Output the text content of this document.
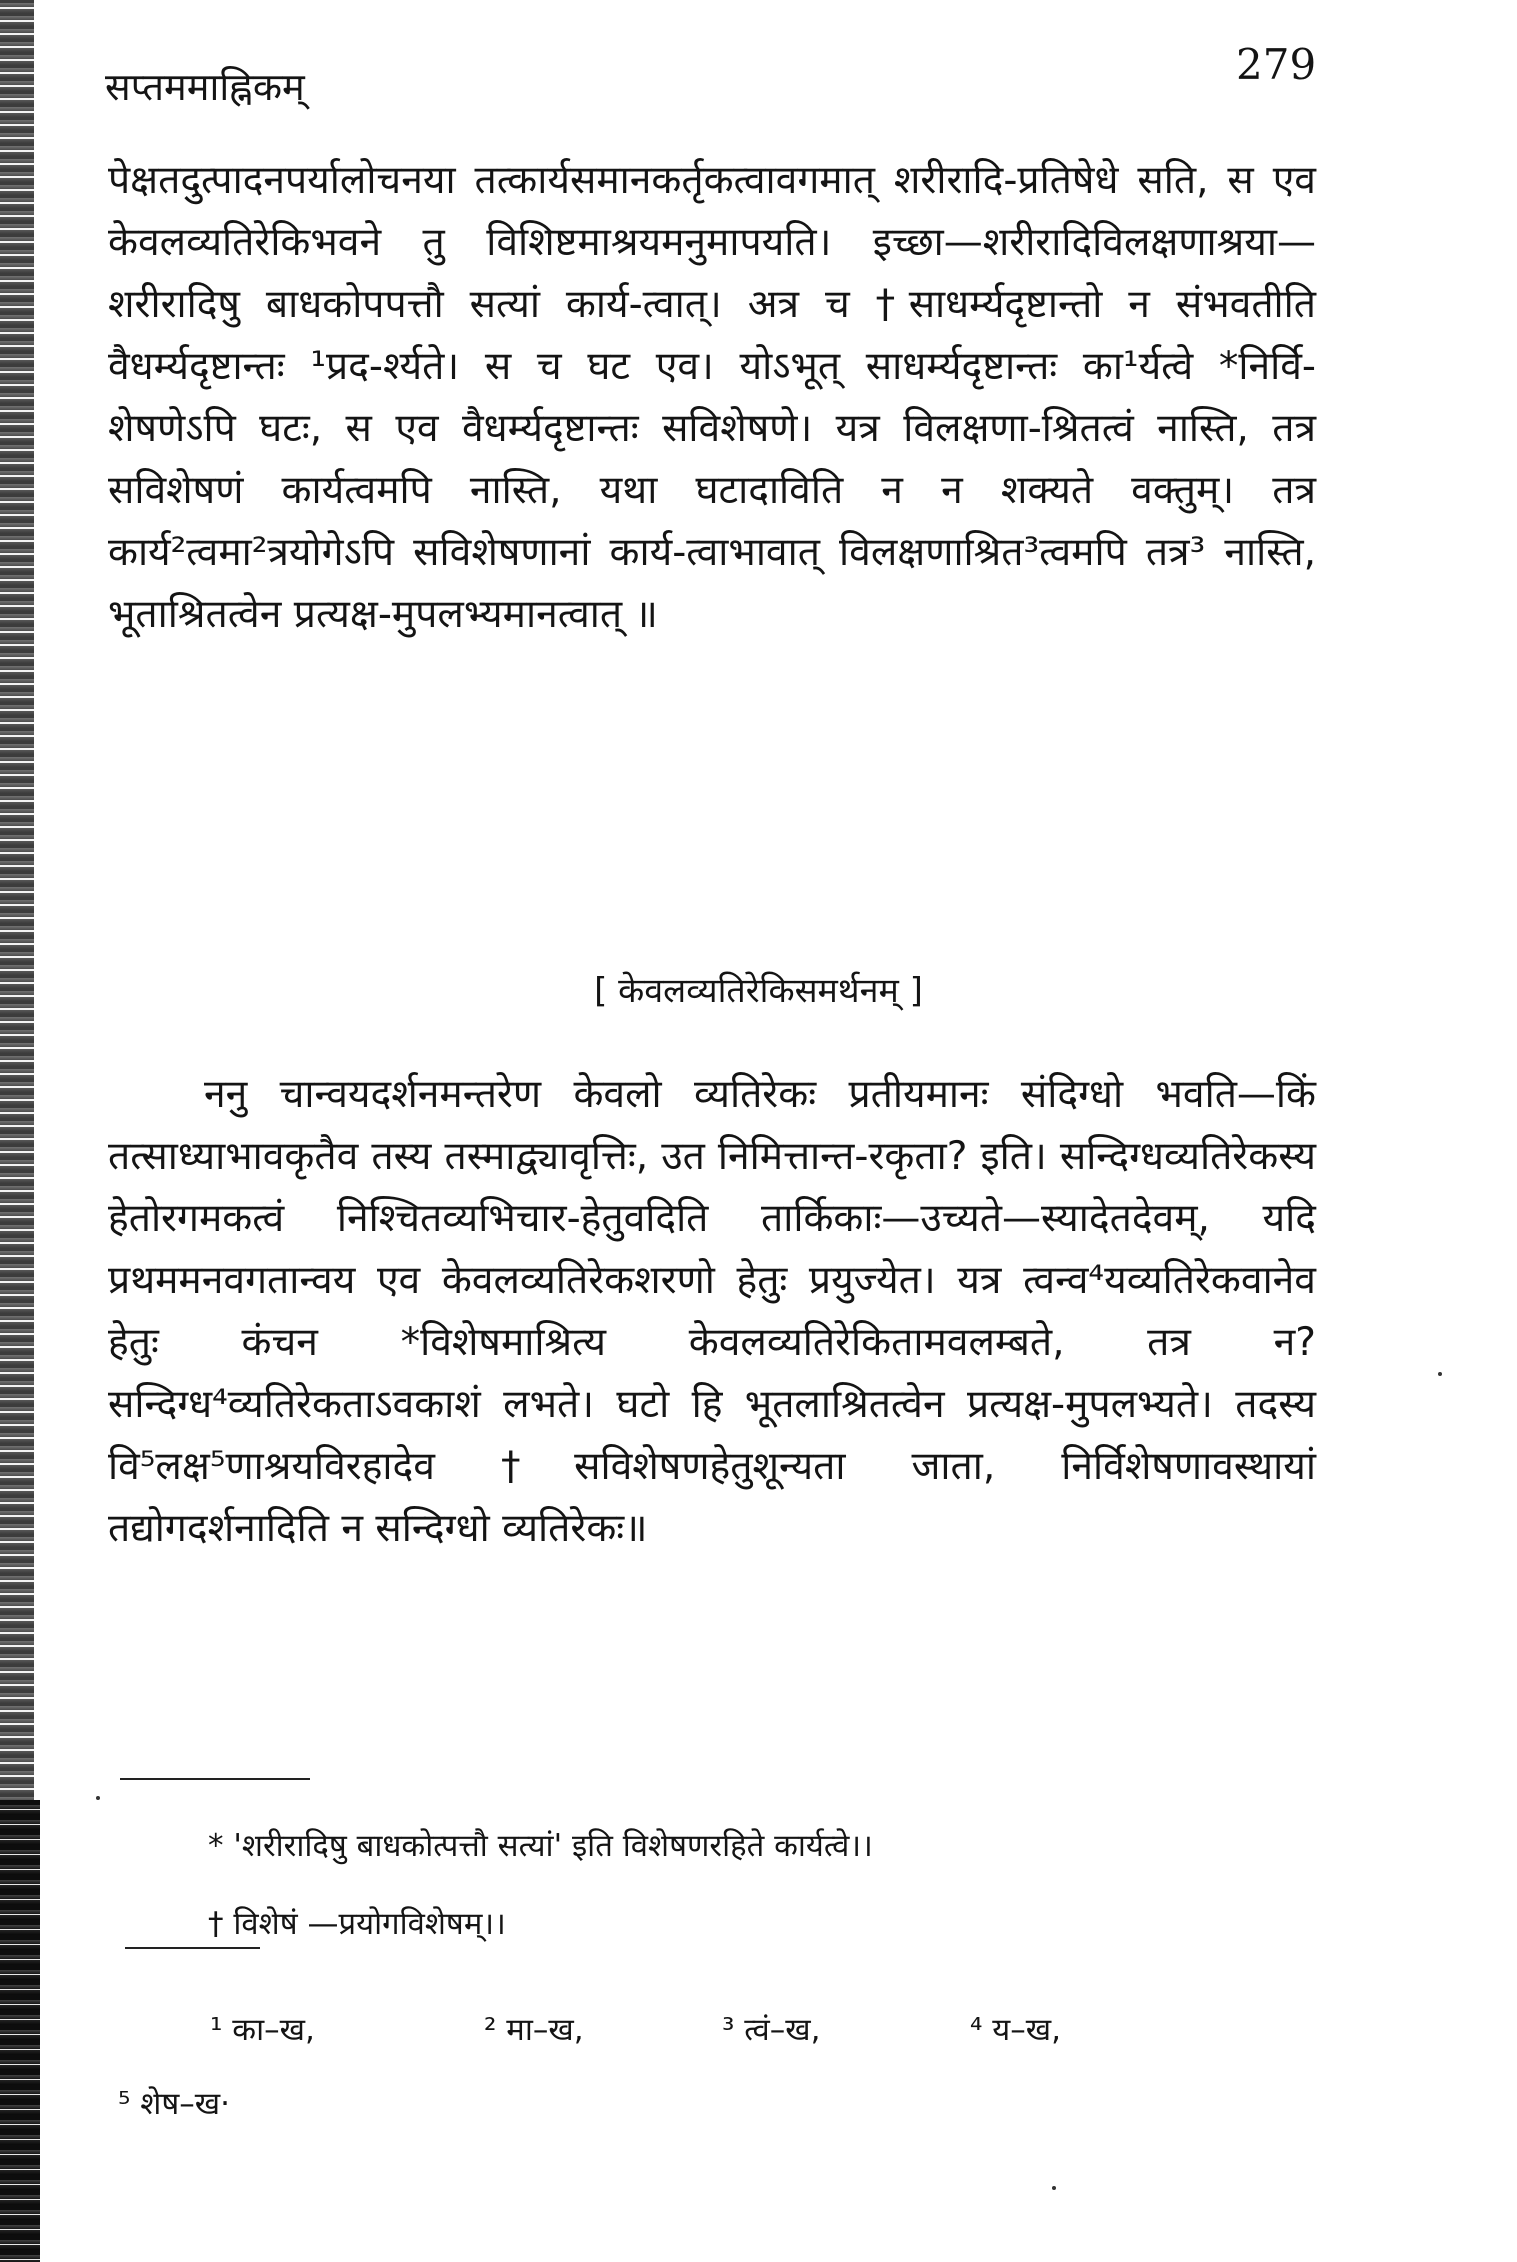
सप्तममाह्निकम्	279
पेक्षतदुत्पादनपर्यालोचनया तत्कार्यसमानकर्तृकत्वावगमात् शरीरादि-प्रतिषेधे सति, स एव केवलव्यतिरेकिभवने तु विशिष्टमाश्रयमनुमापयति। इच्छा—शरीरादिविलक्षणाश्रया—शरीरादिषु बाधकोपपत्तौ सत्यां कार्य-त्वात्। अत्र च †साधर्म्यदृष्टान्तो न संभवतीति वैधर्म्यदृष्टान्तः ¹प्रद-र्श्यते। स च घट एव। योऽभूत् साधर्म्यदृष्टान्तः का¹र्यत्वे *निर्वि-शेषणेऽपि घटः, स एव वैधर्म्यदृष्टान्तः सविशेषणे। यत्र विलक्षणा-श्रितत्वं नास्ति, तत्र सविशेषणं कार्यत्वमपि नास्ति, यथा घटादाविति न न शक्यते वक्तुम्। तत्र कार्य²त्वमा²त्रयोगेऽपि सविशेषणानां कार्य-त्वाभावात् विलक्षणाश्रित³त्वमपि तत्र³ नास्ति, भूताश्रितत्वेन प्रत्यक्ष-मुपलभ्यमानत्वात् ॥
[ केवलव्यतिरेकिसमर्थनम् ]
ननु चान्वयदर्शनमन्तरेण केवलो व्यतिरेकः प्रतीयमानः संदिग्धो भवति—किं तत्साध्याभावकृतैव तस्य तस्माद्व्यावृत्तिः, उत निमित्तान्त-रकृता? इति। सन्दिग्धव्यतिरेकस्य हेतोरगमकत्वं निश्चितव्यभिचार-हेतुवदिति तार्किकाः—उच्यते—स्यादेतदेवम्, यदि प्रथममनवगतान्वय एव केवलव्यतिरेकशरणो हेतुः प्रयुज्येत। यत्र त्वन्व⁴यव्यतिरेकवानेव हेतुः कंचन *विशेषमाश्रित्य केवलव्यतिरेकितामवलम्बते, तत्र न? सन्दिग्ध⁴व्यतिरेकताऽवकाशं लभते। घटो हि भूतलाश्रितत्वेन प्रत्यक्ष-मुपलभ्यते। तदस्य वि⁵लक्ष⁵णाश्रयविरहादेव †सविशेषणहेतुशून्यता जाता, निर्विशेषणावस्थायां तद्योगदर्शनादिति न सन्दिग्धो व्यतिरेकः॥
* 'शरीरादिषु बाधकोत्पत्तौ सत्यां' इति विशेषणरहिते कार्यत्वे।।
† विशेषं —प्रयोगविशेषम्।।
¹ का–ख,	² मा–ख,	³ त्वं–ख,	⁴ य–ख,
⁵ शेष–ख·
